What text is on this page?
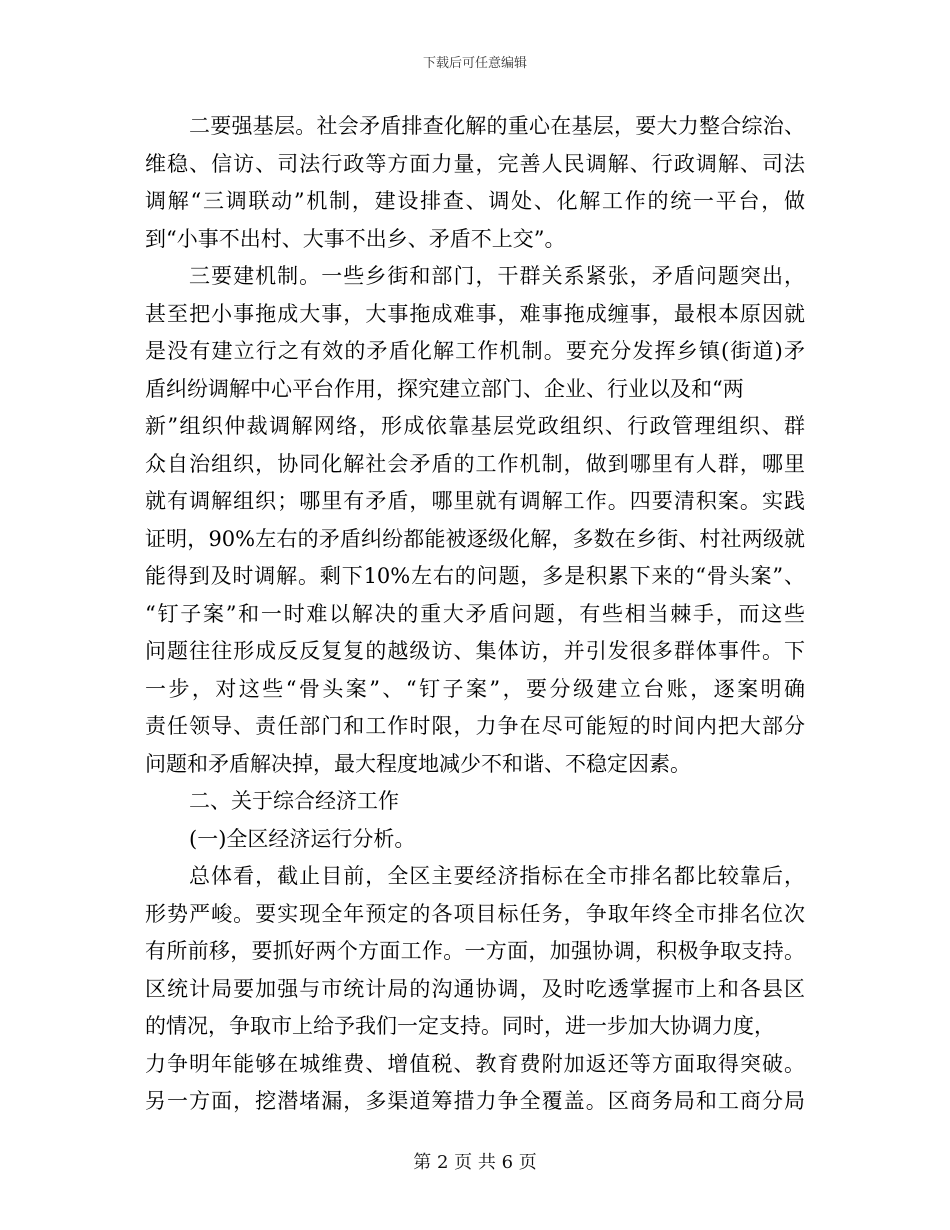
下载后可任意编辑
二要强基层。社会矛盾排查化解的重心在基层，要大力整合综治、
维稳、信访、司法行政等方面力量，完善人民调解、行政调解、司法
调解“三调联动”机制，建设排查、调处、化解工作的统一平台，做
到“小事不出村、大事不出乡、矛盾不上交”。
三要建机制。一些乡街和部门，干群关系紧张，矛盾问题突出，
甚至把小事拖成大事，大事拖成难事，难事拖成缠事，最根本原因就
是没有建立行之有效的矛盾化解工作机制。要充分发挥乡镇(街道)矛
盾纠纷调解中心平台作用，探究建立部门、企业、行业以及和“两
新”组织仲裁调解网络，形成依靠基层党政组织、行政管理组织、群
众自治组织，协同化解社会矛盾的工作机制，做到哪里有人群，哪里
就有调解组织；哪里有矛盾，哪里就有调解工作。四要清积案。实践
证明，90%左右的矛盾纠纷都能被逐级化解，多数在乡街、村社两级就
能得到及时调解。剩下10%左右的问题，多是积累下来的“骨头案”、
“钉子案”和一时难以解决的重大矛盾问题，有些相当棘手，而这些
问题往往形成反反复复的越级访、集体访，并引发很多群体事件。下
一步，对这些“骨头案”、“钉子案”，要分级建立台账，逐案明确
责任领导、责任部门和工作时限，力争在尽可能短的时间内把大部分
问题和矛盾解决掉，最大程度地减少不和谐、不稳定因素。
二、关于综合经济工作
(一)全区经济运行分析。
总体看，截止目前，全区主要经济指标在全市排名都比较靠后，
形势严峻。要实现全年预定的各项目标任务，争取年终全市排名位次
有所前移，要抓好两个方面工作。一方面，加强协调，积极争取支持。
区统计局要加强与市统计局的沟通协调，及时吃透掌握市上和各县区
的情况，争取市上给予我们一定支持。同时，进一步加大协调力度，
力争明年能够在城维费、增值税、教育费附加返还等方面取得突破。
另一方面，挖潜堵漏，多渠道筹措力争全覆盖。区商务局和工商分局
第 2 页 共 6 页
